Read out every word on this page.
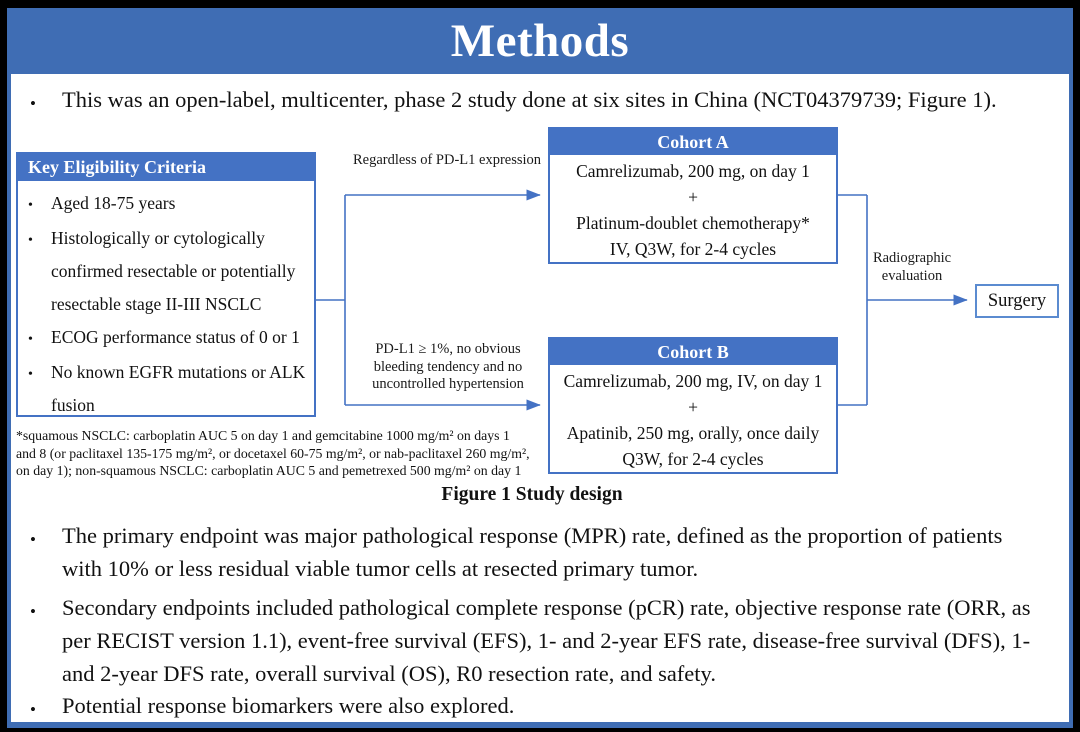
Methods
•
This was an open-label, multicenter, phase 2 study done at six sites in China (NCT04379739; Figure 1).
Key Eligibility Criteria
•
Aged 18-75 years
•
Histologically or cytologically confirmed resectable or potentially resectable stage II-III NSCLC
•
ECOG performance status of 0 or 1
•
No known EGFR mutations or ALK fusion
Regardless of PD-L1 expression
PD-L1 ≥ 1%, no obvious bleeding tendency and no uncontrolled hypertension
Cohort A
Camrelizumab, 200 mg, on day 1
+
Platinum-doublet chemotherapy*
IV, Q3W, for 2-4 cycles
Cohort B
Camrelizumab, 200 mg, IV, on day 1
+
Apatinib, 250 mg, orally, once daily
Q3W, for 2-4 cycles
Radiographic evaluation
Surgery
*squamous NSCLC: carboplatin AUC 5 on day 1 and gemcitabine 1000 mg/m² on days 1 and 8 (or paclitaxel 135-175 mg/m², or docetaxel 60-75 mg/m², or nab-paclitaxel 260 mg/m², on day 1); non-squamous NSCLC: carboplatin AUC 5 and pemetrexed 500 mg/m² on day 1
Figure 1 Study design
•
The primary endpoint was major pathological response (MPR) rate, defined as the proportion of patients with 10% or less residual viable tumor cells at resected primary tumor.
•
Secondary endpoints included pathological complete response (pCR) rate, objective response rate (ORR, as per RECIST version 1.1), event-free survival (EFS), 1- and 2-year EFS rate, disease-free survival (DFS), 1- and 2-year DFS rate, overall survival (OS), R0 resection rate, and safety.
•
Potential response biomarkers were also explored.
